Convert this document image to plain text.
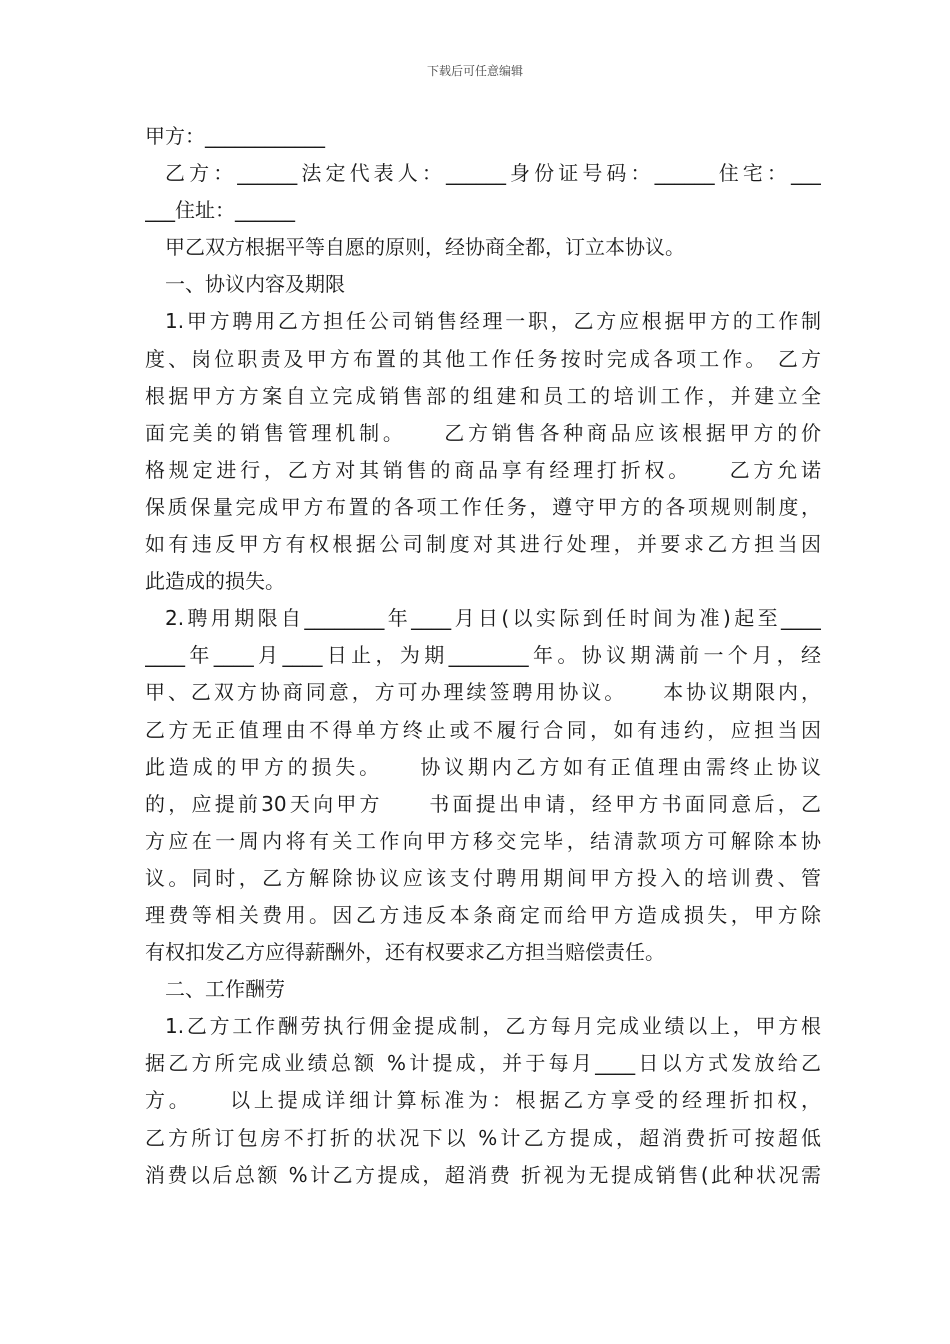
下载后可任意编辑
甲方：____________
乙方：______法定代表人：______身份证号码：______住宅：___
___住址：______
甲乙双方根据平等自愿的原则，经协商全都，订立本协议。
一、协议内容及期限
1.甲方聘用乙方担任公司销售经理一职，乙方应根据甲方的工作制
度、岗位职责及甲方布置的其他工作任务按时完成各项工作。 乙方
根据甲方方案自立完成销售部的组建和员工的培训工作，并建立全
面完美的销售管理机制。　　乙方销售各种商品应该根据甲方的价
格规定进行，乙方对其销售的商品享有经理打折权。　　乙方允诺
保质保量完成甲方布置的各项工作任务，遵守甲方的各项规则制度，
如有违反甲方有权根据公司制度对其进行处理，并要求乙方担当因
此造成的损失。
2.聘用期限自________年____月日(以实际到任时间为准)起至____
____年____月____日止，为期________年。协议期满前一个月，经
甲、乙双方协商同意，方可办理续签聘用协议。　　本协议期限内，
乙方无正值理由不得单方终止或不履行合同，如有违约，应担当因
此造成的甲方的损失。　　协议期内乙方如有正值理由需终止协议
的，应提前30天向甲方　　书面提出申请，经甲方书面同意后，乙
方应在一周内将有关工作向甲方移交完毕，结清款项方可解除本协
议。同时，乙方解除协议应该支付聘用期间甲方投入的培训费、管
理费等相关费用。因乙方违反本条商定而给甲方造成损失，甲方除
有权扣发乙方应得薪酬外，还有权要求乙方担当赔偿责任。
二、工作酬劳
1.乙方工作酬劳执行佣金提成制，乙方每月完成业绩以上，甲方根
据乙方所完成业绩总额 %计提成，并于每月____日以方式发放给乙
方。　　以上提成详细计算标准为：根据乙方享受的经理折扣权，
乙方所订包房不打折的状况下以 %计乙方提成，超消费折可按超低
消费以后总额 %计乙方提成，超消费 折视为无提成销售(此种状况需
